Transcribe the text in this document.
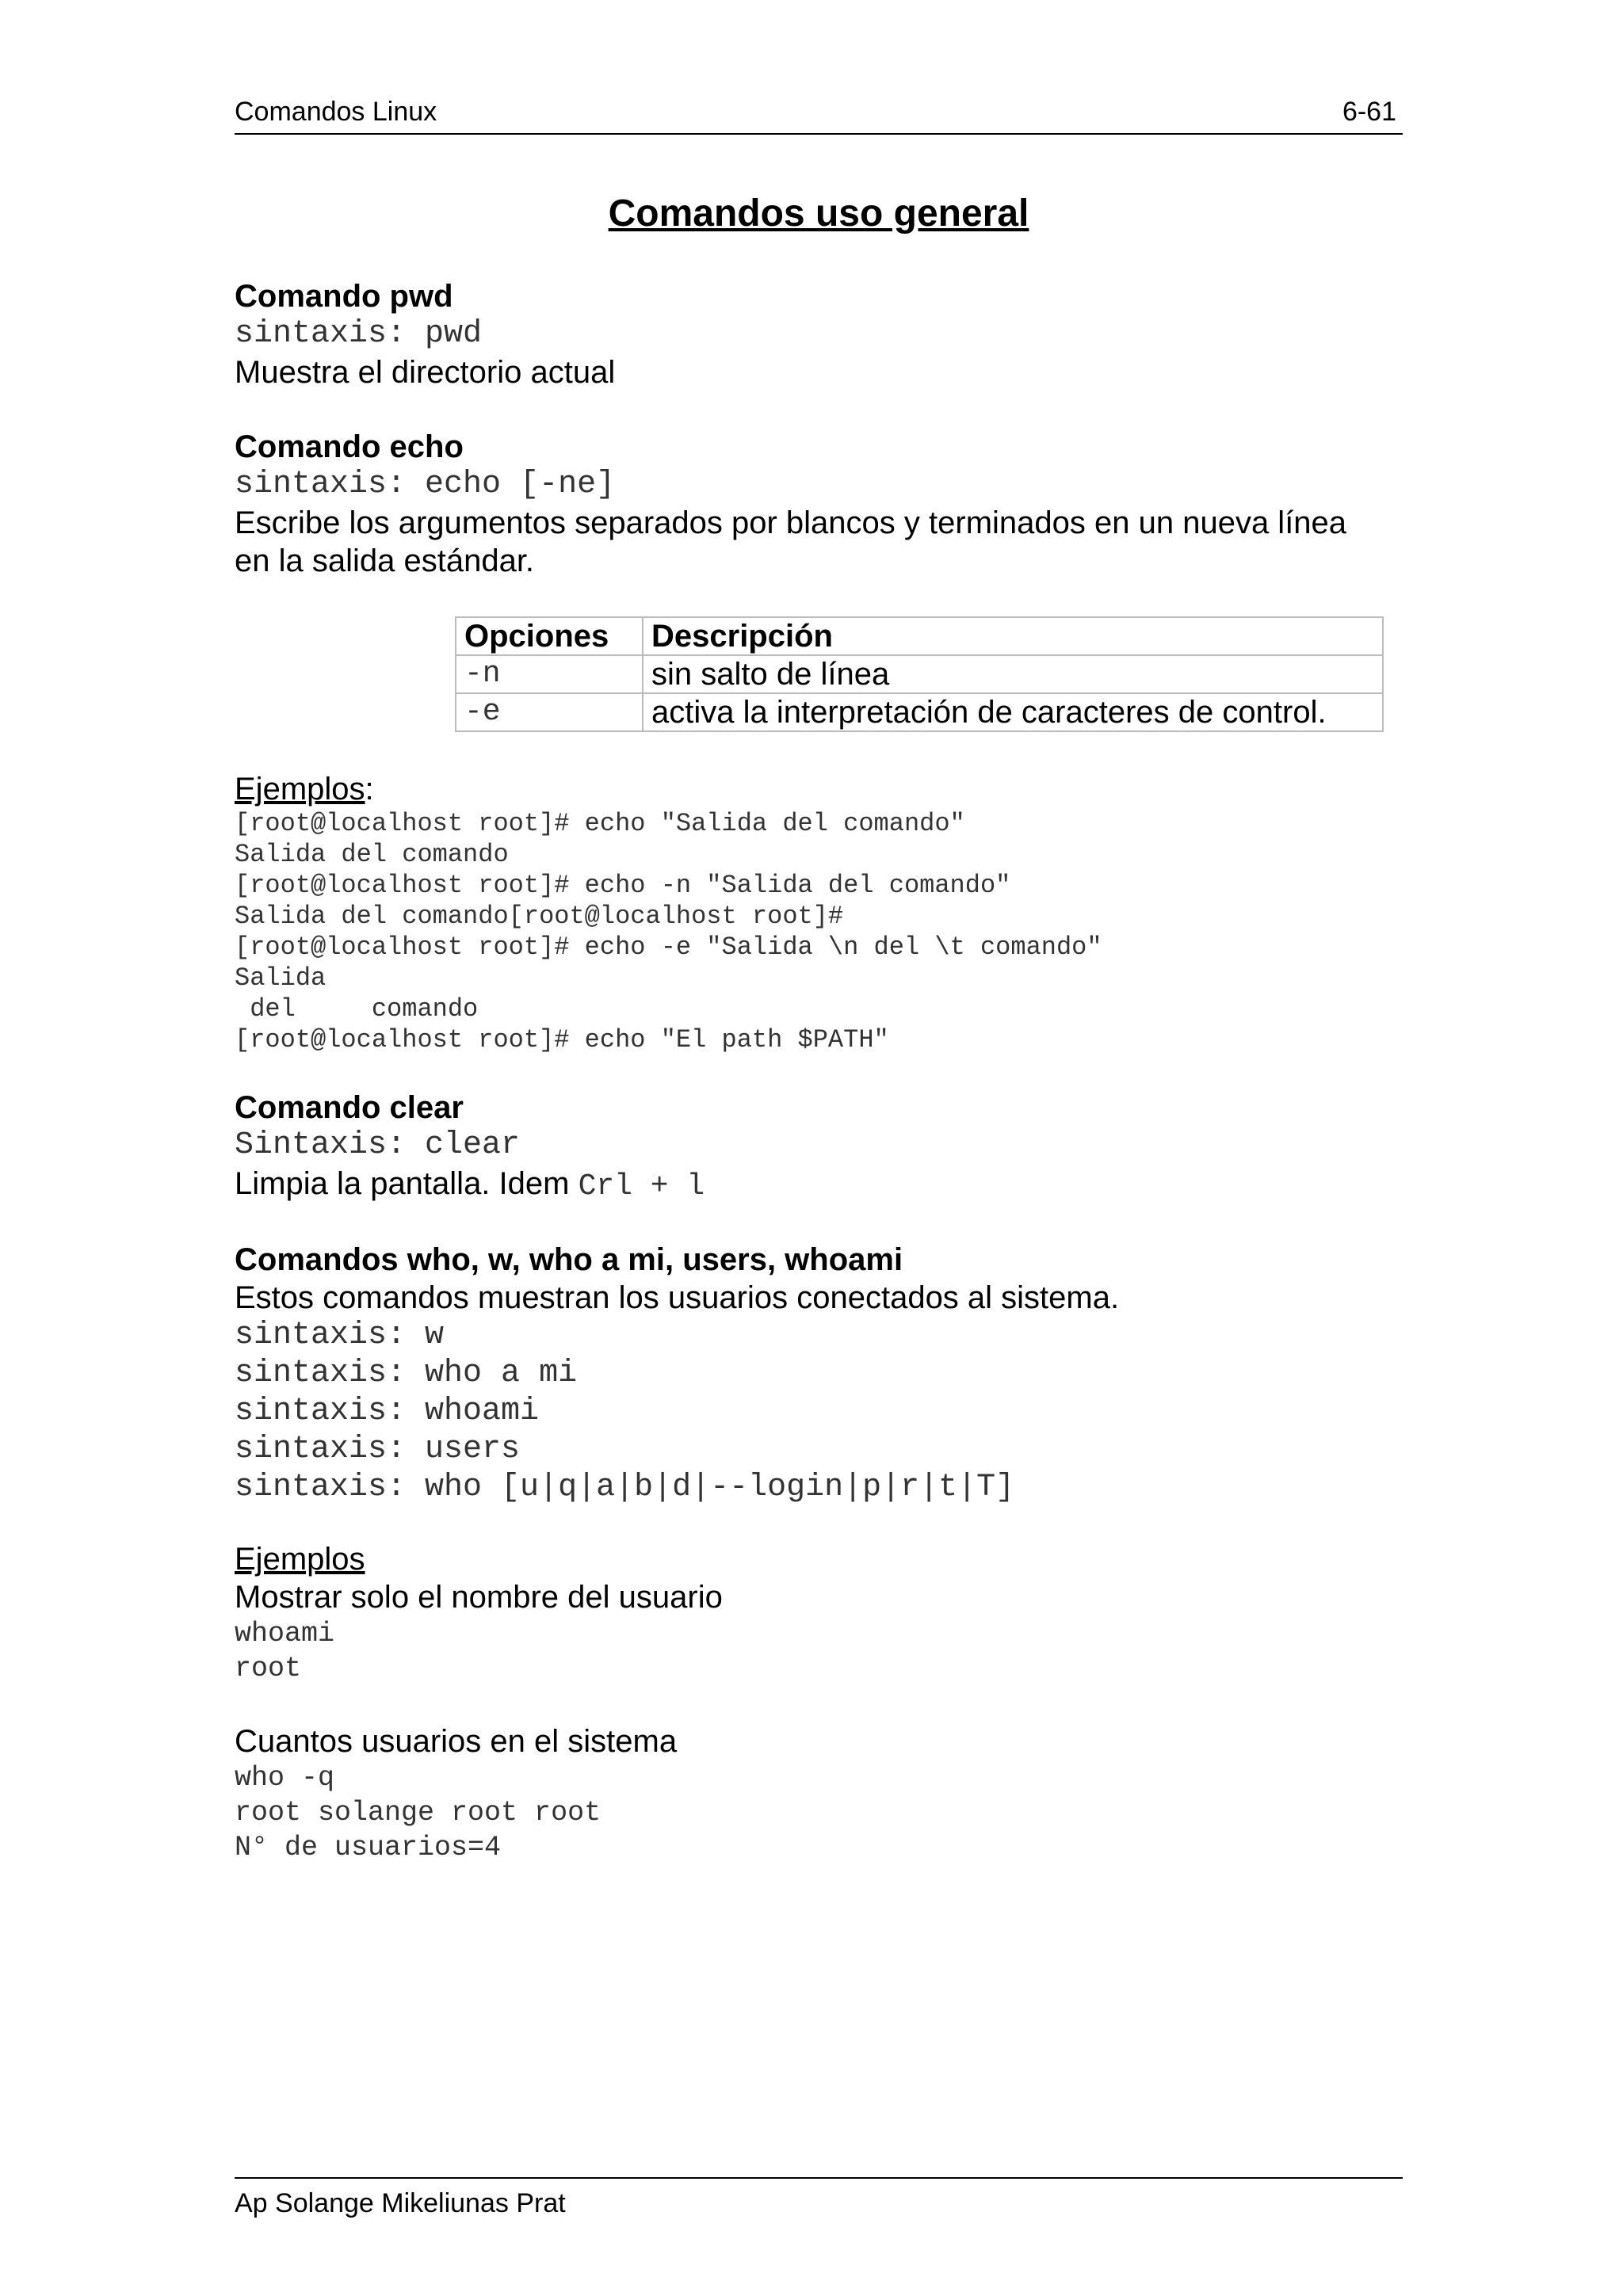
Comandos Linux	6-61
Comandos uso general

Comando pwd

sintaxis: pwd

Muestra el directorio actual

Comando echo

sintaxis: echo [-ne]

Escribe los argumentos separados por blancos y terminados en un nueva línea

en la salida estándar.

Opciones	Descripción
-n	sin salto de línea
-e	activa la interpretación de caracteres de control.

Ejemplos:

[root@localhost root]# echo "Salida del comando"

Salida del comando

[root@localhost root]# echo -n "Salida del comando"

Salida del comando[root@localhost root]#

[root@localhost root]# echo -e "Salida \n del \t comando"

Salida

del     comando

[root@localhost root]# echo "El path $PATH"

Comando clear

Sintaxis: clear

Limpia la pantalla. Idem Crl + l

Comandos who, w, who a mi, users, whoami

Estos comandos muestran los usuarios conectados al sistema.

sintaxis: w

sintaxis: who a mi

sintaxis: whoami

sintaxis: users

sintaxis: who [u|q|a|b|d|--login|p|r|t|T]

Ejemplos

Mostrar solo el nombre del usuario

whoami

root

Cuantos usuarios en el sistema

who -q

root solange root root

N° de usuarios=4

Ap Solange Mikeliunas Prat
